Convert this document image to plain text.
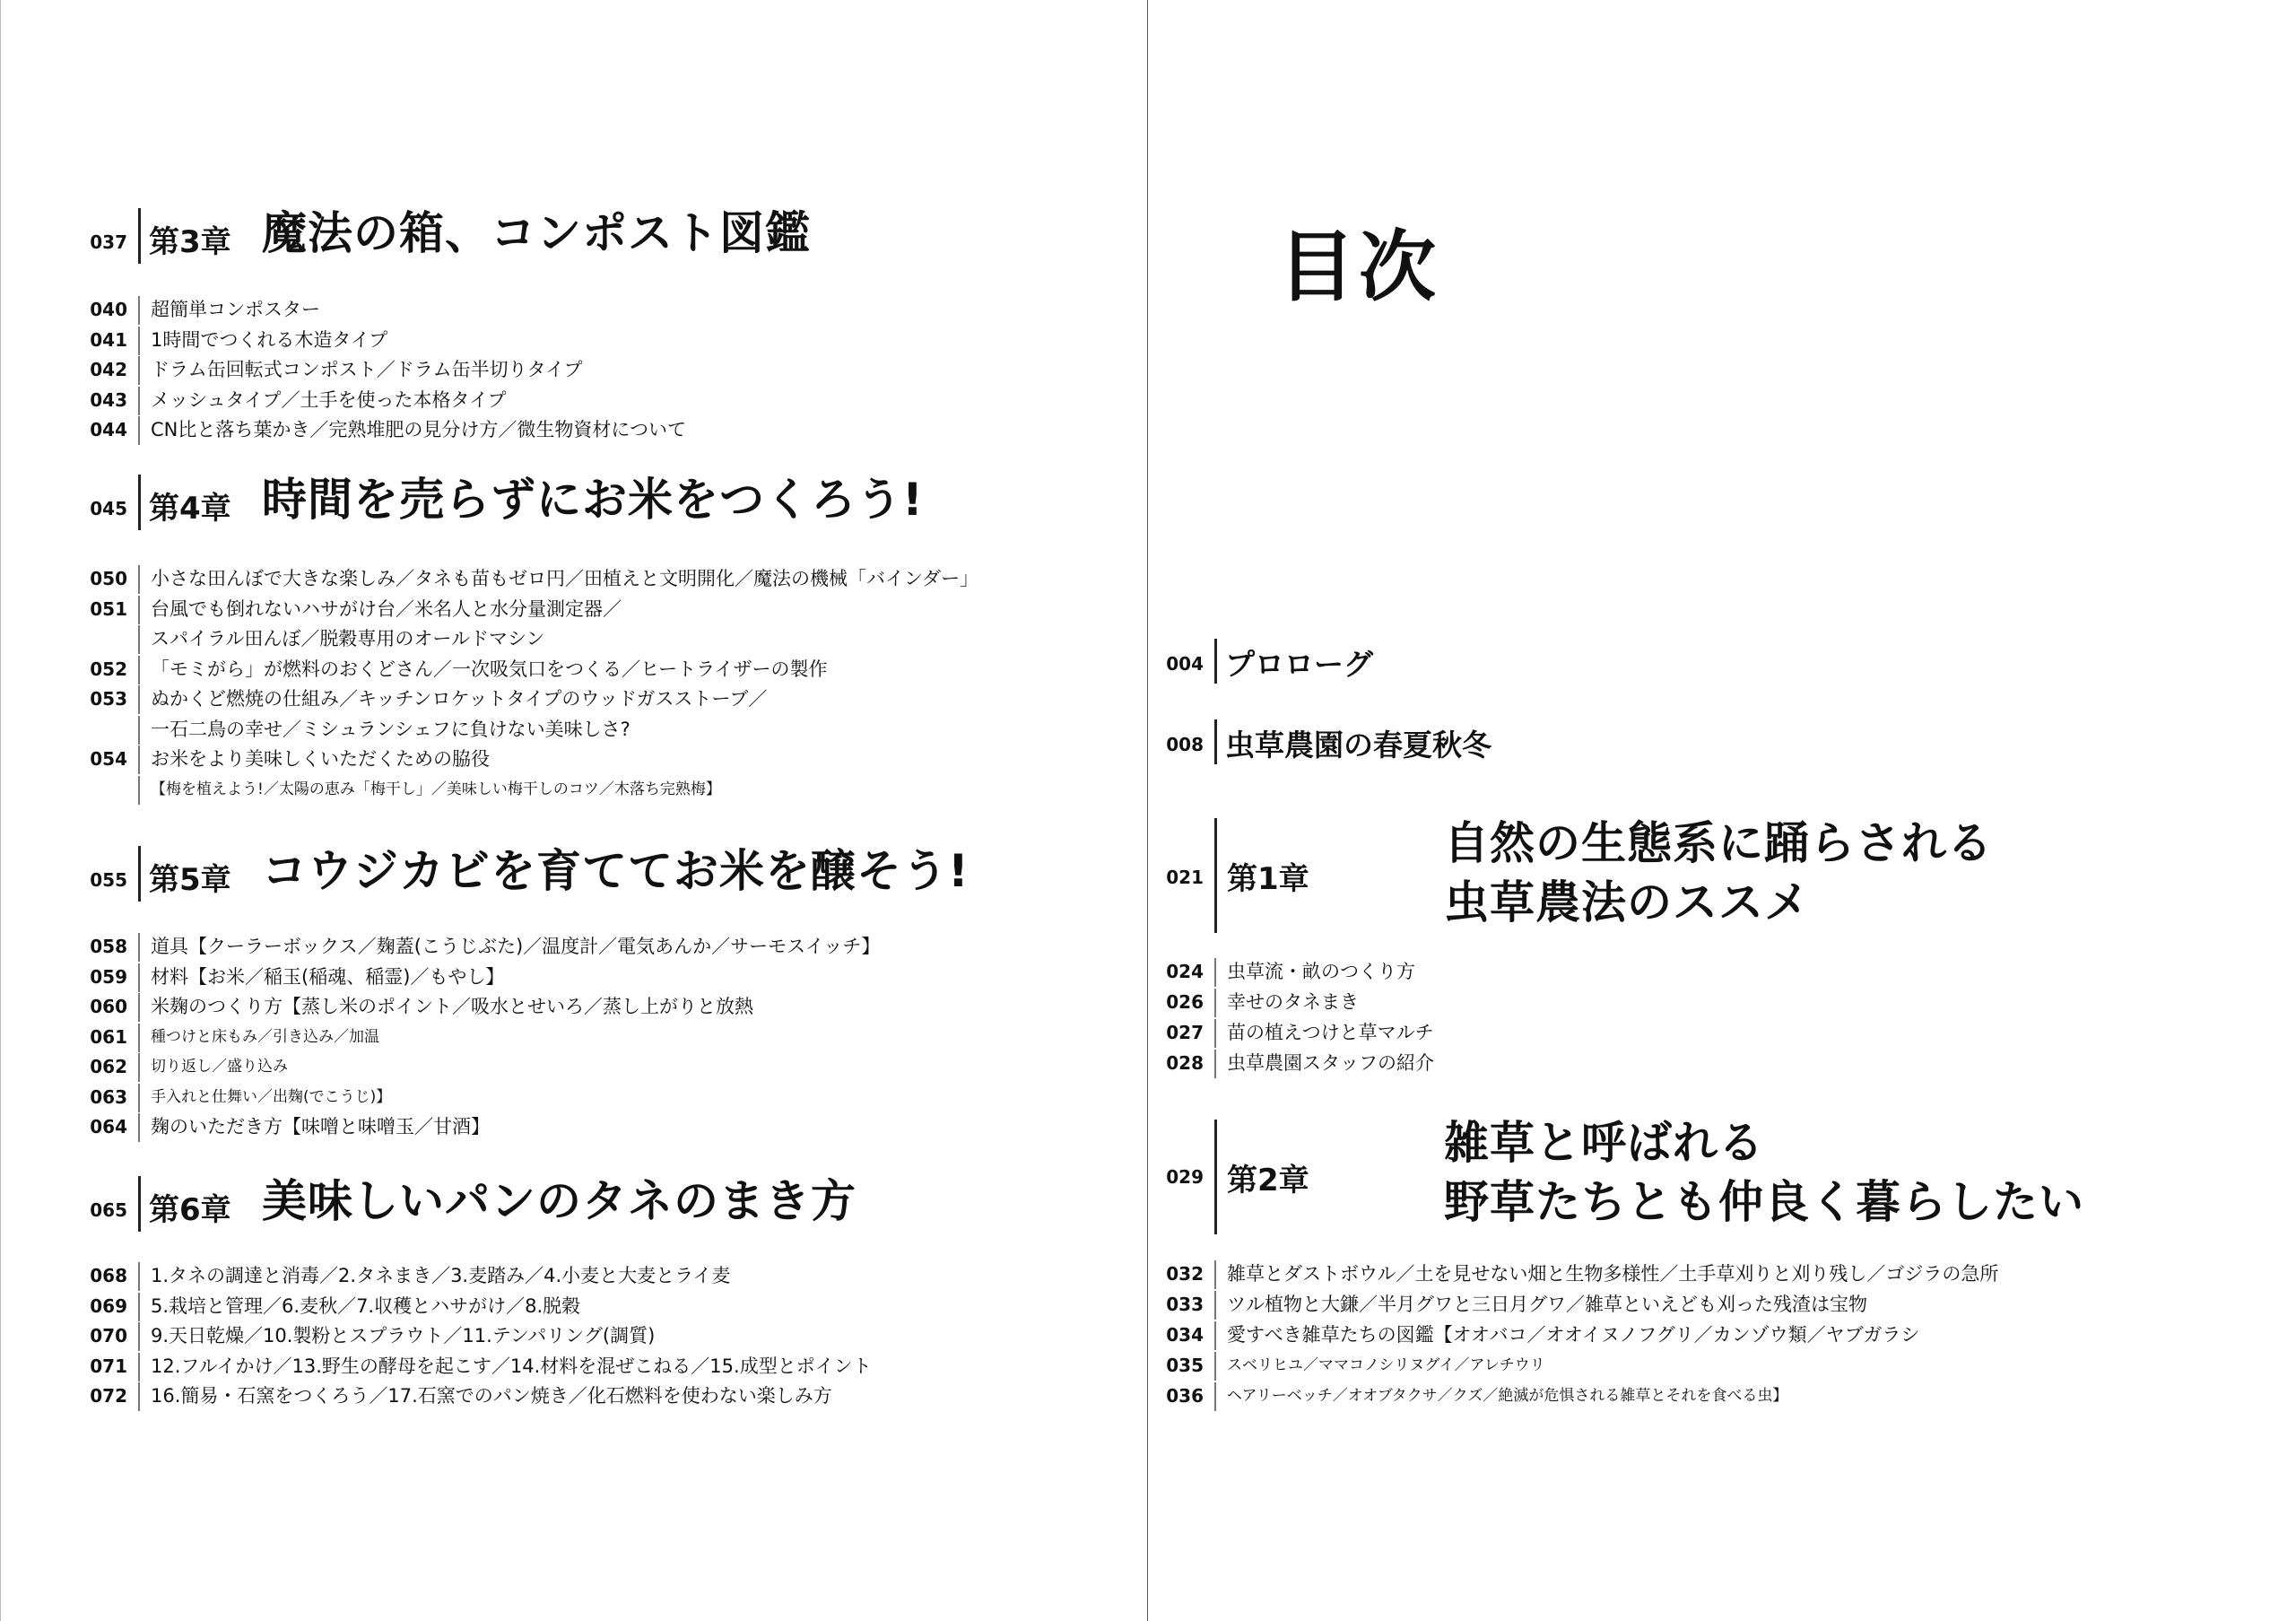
037 第3章 魔法の箱、コンポスト図鑑
040 超簡単コンポスター
041 1時間でつくれる木造タイプ
042 ドラム缶回転式コンポスト／ドラム缶半切りタイプ
043 メッシュタイプ／土手を使った本格タイプ
044 CN比と落ち葉かき／完熟堆肥の見分け方／微生物資材について
045 第4章 時間を売らずにお米をつくろう!
050 小さな田んぼで大きな楽しみ／タネも苗もゼロ円／田植えと文明開化／魔法の機械「バインダー」
051 台風でも倒れないハサがけ台／米名人と水分量測定器／
スパイラル田んぼ／脱穀専用のオールドマシン
052 「モミがら」が燃料のおくどさん／一次吸気口をつくる／ヒートライザーの製作
053 ぬかくど燃焼の仕組み／キッチンロケットタイプのウッドガスストーブ／
一石二鳥の幸せ／ミシュランシェフに負けない美味しさ?
054 お米をより美味しくいただくための脇役
【梅を植えよう!／太陽の恵み「梅干し」／美味しい梅干しのコツ／木落ち完熟梅】
055 第5章 コウジカビを育ててお米を醸そう!
058 道具【クーラーボックス／麹蓋(こうじぶた)／温度計／電気あんか／サーモスイッチ】
059 材料【お米／稲玉(稲魂、稲霊)／もやし】
060 米麹のつくり方【蒸し米のポイント／吸水とせいろ／蒸し上がりと放熱
061 種つけと床もみ／引き込み／加温
062 切り返し／盛り込み
063 手入れと仕舞い／出麹(でこうじ)】
064 麹のいただき方【味噌と味噌玉／甘酒】
065 第6章 美味しいパンのタネのまき方
068 1.タネの調達と消毒／2.タネまき／3.麦踏み／4.小麦と大麦とライ麦
069 5.栽培と管理／6.麦秋／7.収穫とハサがけ／8.脱穀
070 9.天日乾燥／10.製粉とスプラウト／11.テンパリング(調質)
071 12.フルイかけ／13.野生の酵母を起こす／14.材料を混ぜこねる／15.成型とポイント
072 16.簡易・石窯をつくろう／17.石窯でのパン焼き／化石燃料を使わない楽しみ方
目次
004 プロローグ
008 虫草農園の春夏秋冬
021 第1章
自然の生態系に踊らされる
虫草農法のススメ
024 虫草流・畝のつくり方
026 幸せのタネまき
027 苗の植えつけと草マルチ
028 虫草農園スタッフの紹介
029 第2章
雑草と呼ばれる
野草たちとも仲良く暮らしたい
032 雑草とダストボウル／土を見せない畑と生物多様性／土手草刈りと刈り残し／ゴジラの急所
033 ツル植物と大鎌／半月グワと三日月グワ／雑草といえども刈った残渣は宝物
034 愛すべき雑草たちの図鑑【オオバコ／オオイヌノフグリ／カンゾウ類／ヤブガラシ
035 スベリヒユ／ママコノシリヌグイ／アレチウリ
036 ヘアリーベッチ／オオブタクサ／クズ／絶滅が危惧される雑草とそれを食べる虫】
